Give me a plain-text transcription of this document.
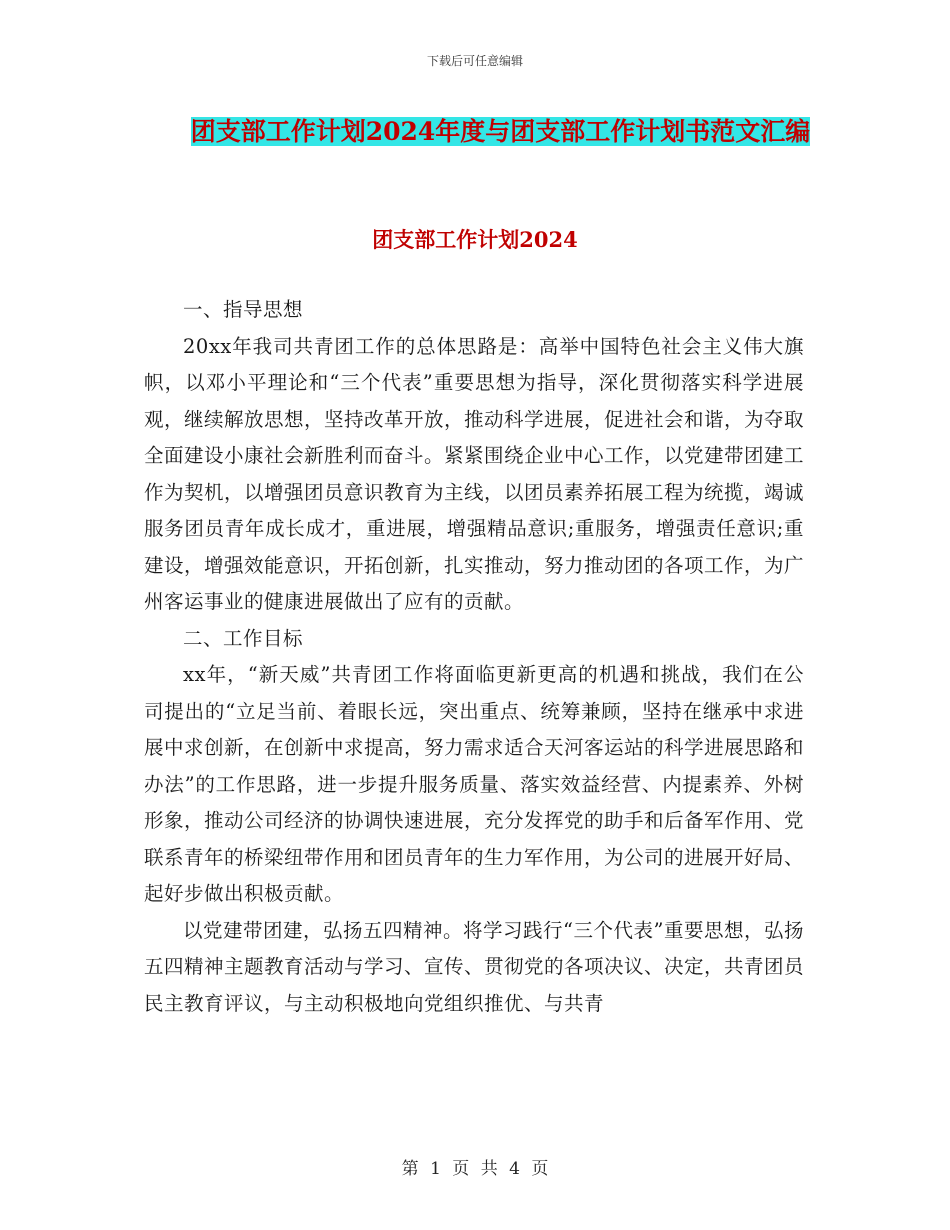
下载后可任意编辑
团支部工作计划2024年度与团支部工作计划书范文汇编
团支部工作计划2024

一、指导思想

20xx年我司共青团工作的总体思路是：高举中国特色社会主义伟大旗帜，以邓小平理论和“三个代表”重要思想为指导，深化贯彻落实科学进展观，继续解放思想，坚持改革开放，推动科学进展，促进社会和谐，为夺取全面建设小康社会新胜利而奋斗。紧紧围绕企业中心工作，以党建带团建工作为契机，以增强团员意识教育为主线，以团员素养拓展工程为统揽，竭诚服务团员青年成长成才，重进展，增强精品意识;重服务，增强责任意识;重建设，增强效能意识，开拓创新，扎实推动，努力推动团的各项工作，为广州客运事业的健康进展做出了应有的贡献。

二、工作目标

xx年，“新天威”共青团工作将面临更新更高的机遇和挑战，我们在公司提出的“立足当前、着眼长远，突出重点、统筹兼顾，坚持在继承中求进展中求创新，在创新中求提高，努力需求适合天河客运站的科学进展思路和办法”的工作思路，进一步提升服务质量、落实效益经营、内提素养、外树形象，推动公司经济的协调快速进展，充分发挥党的助手和后备军作用、党联系青年的桥梁纽带作用和团员青年的生力军作用，为公司的进展开好局、起好步做出积极贡献。

以党建带团建，弘扬五四精神。将学习践行“三个代表”重要思想，弘扬五四精神主题教育活动与学习、宣传、贯彻党的各项决议、决定，共青团员民主教育评议，与主动积极地向党组织推优、与共青

第 1 页 共 4 页
